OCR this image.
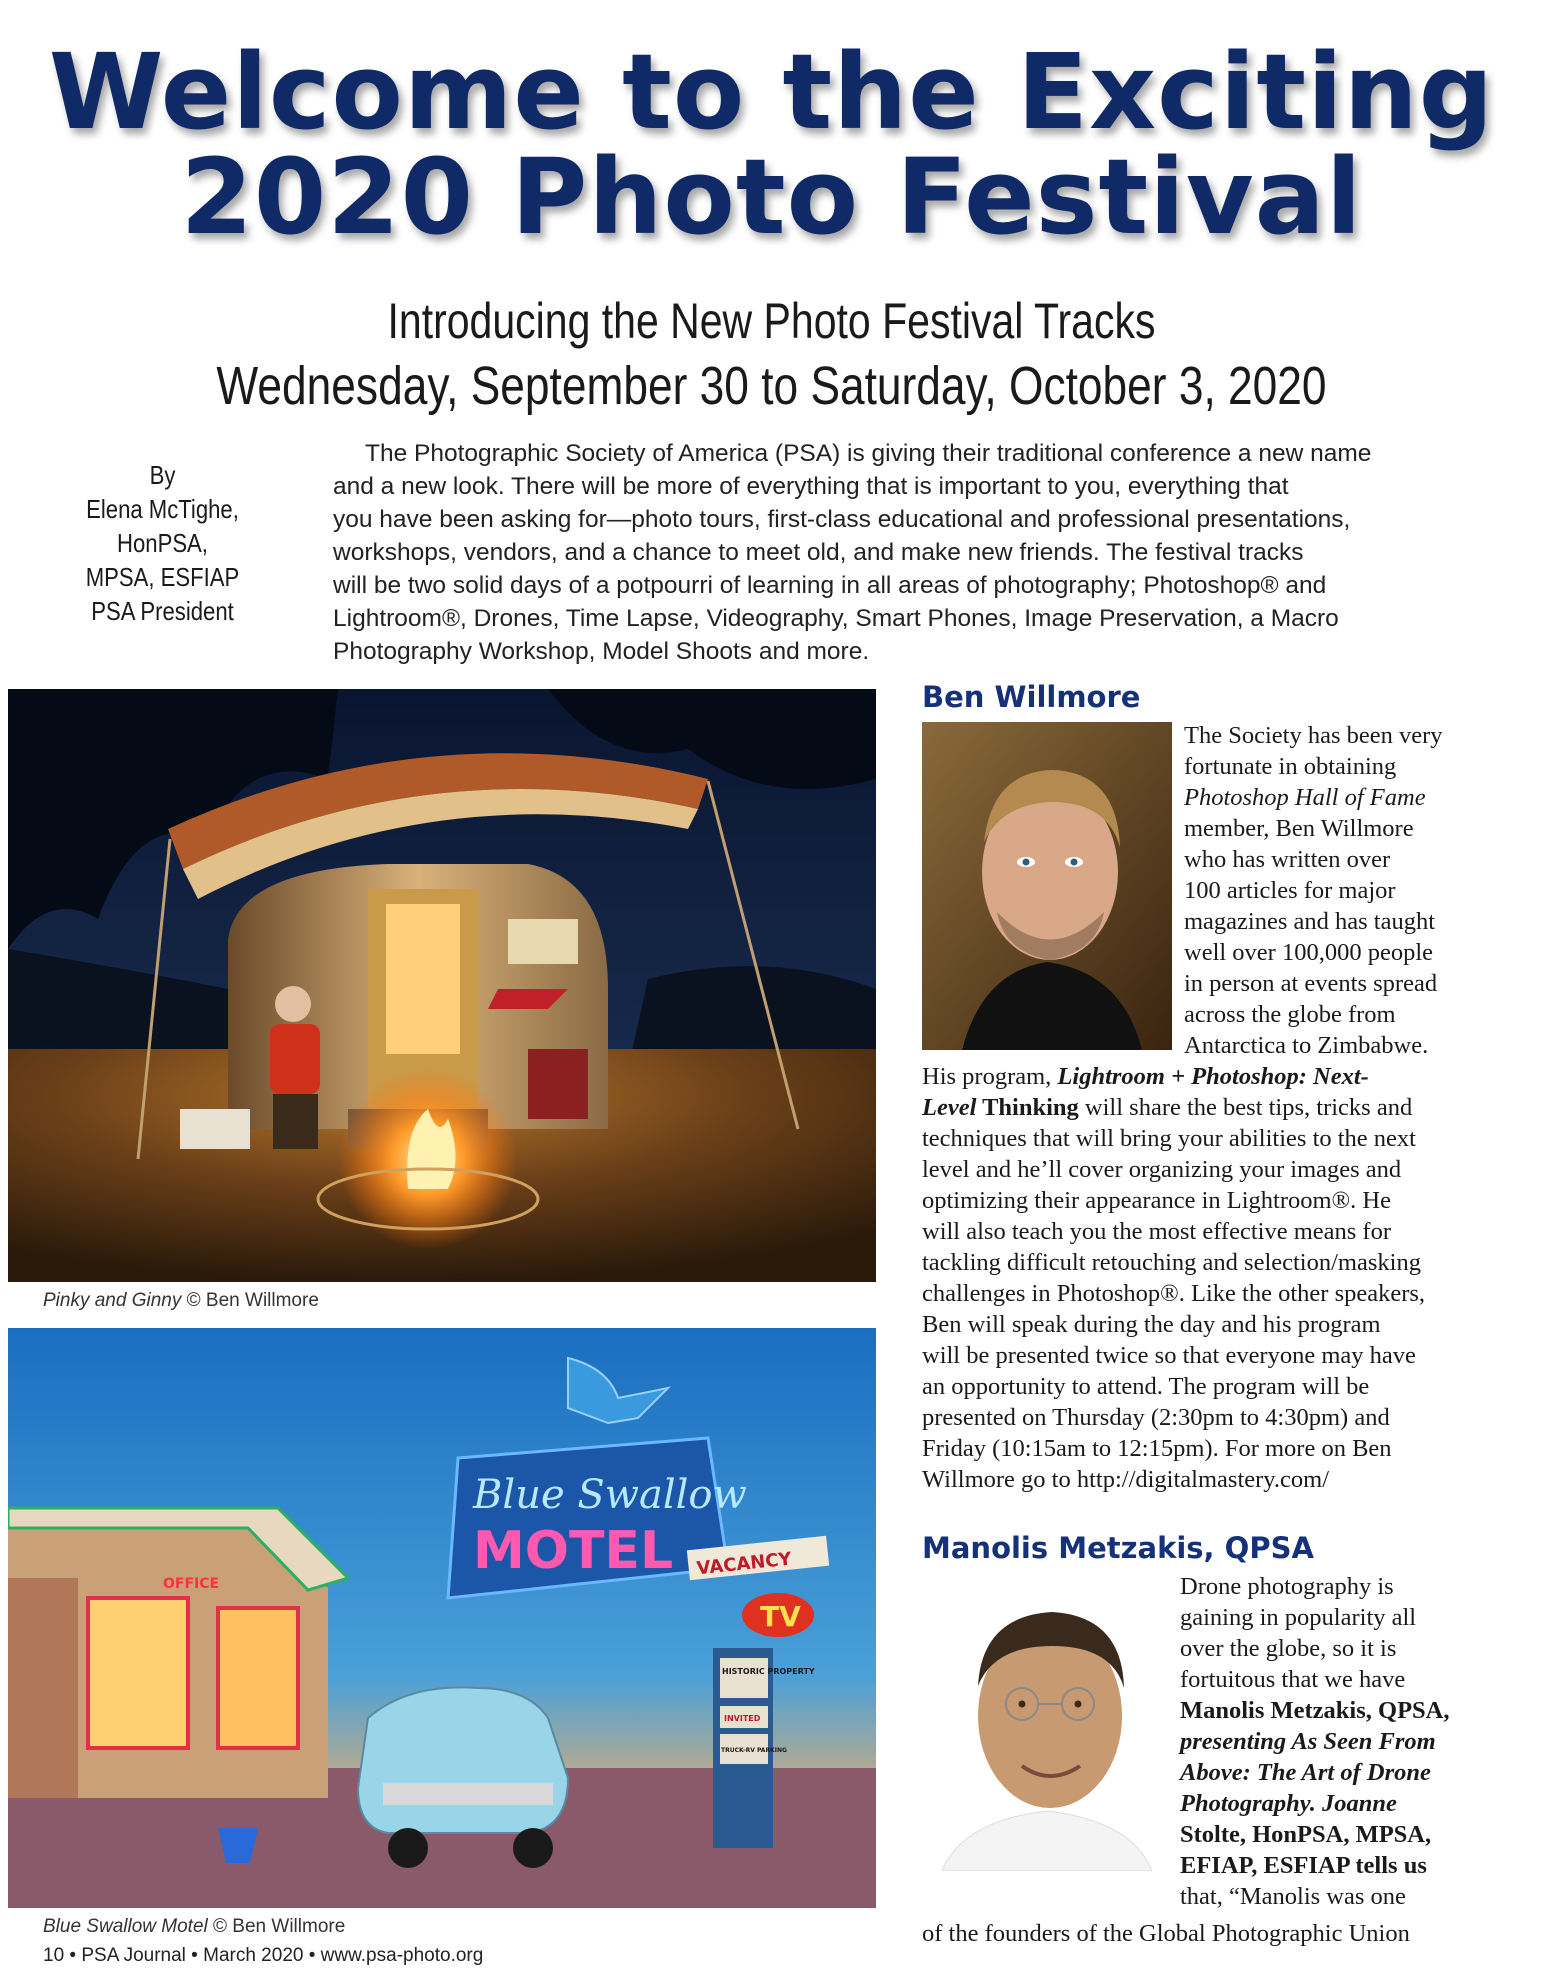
Welcome to the Exciting
2020 Photo Festival
Introducing the New Photo Festival Tracks
Wednesday, September 30 to Saturday, October 3, 2020
By
Elena McTighe, HonPSA,
MPSA, ESFIAP
PSA President
The Photographic Society of America (PSA) is giving their traditional conference a new name
and a new look. There will be more of everything that is important to you, everything that
you have been asking for—photo tours, first-class educational and professional presentations,
workshops, vendors, and a chance to meet old, and make new friends. The festival tracks
will be two solid days of a potpourri of learning in all areas of photography; Photoshop® and
Lightroom®, Drones, Time Lapse, Videography, Smart Phones, Image Preservation, a Macro
Photography Workshop, Model Shoots and more.
Pinky and Ginny © Ben Willmore
Blue Swallow
MOTEL VACANCY
TV
HISTORIC PROPERTY
INVITED
TRUCK-RV PARKING
OFFICE
Blue Swallow Motel © Ben Willmore
Ben Willmore
The Society has been very
fortunate in obtaining
Photoshop Hall of Fame
member, Ben Willmore
who has written over
100 articles for major
magazines and has taught
well over 100,000 people
in person at events spread
across the globe from
Antarctica to Zimbabwe.
His program, Lightroom + Photoshop: Next-
Level Thinking will share the best tips, tricks and
techniques that will bring your abilities to the next
level and he’ll cover organizing your images and
optimizing their appearance in Lightroom®. He
will also teach you the most effective means for
tackling difficult retouching and selection/masking
challenges in Photoshop®. Like the other speakers,
Ben will speak during the day and his program
will be presented twice so that everyone may have
an opportunity to attend. The program will be
presented on Thursday (2:30pm to 4:30pm) and
Friday (10:15am to 12:15pm). For more on Ben
Willmore go to http://digitalmastery.com/
Manolis Metzakis, QPSA
Drone photography is
gaining in popularity all
over the globe, so it is
fortuitous that we have
Manolis Metzakis, QPSA,
presenting As Seen From
Above: The Art of Drone
Photography. Joanne
Stolte, HonPSA, MPSA,
EFIAP, ESFIAP tells us
that, “Manolis was one
of the founders of the Global Photographic Union
10 • PSA Journal • March 2020 • www.psa-photo.org
